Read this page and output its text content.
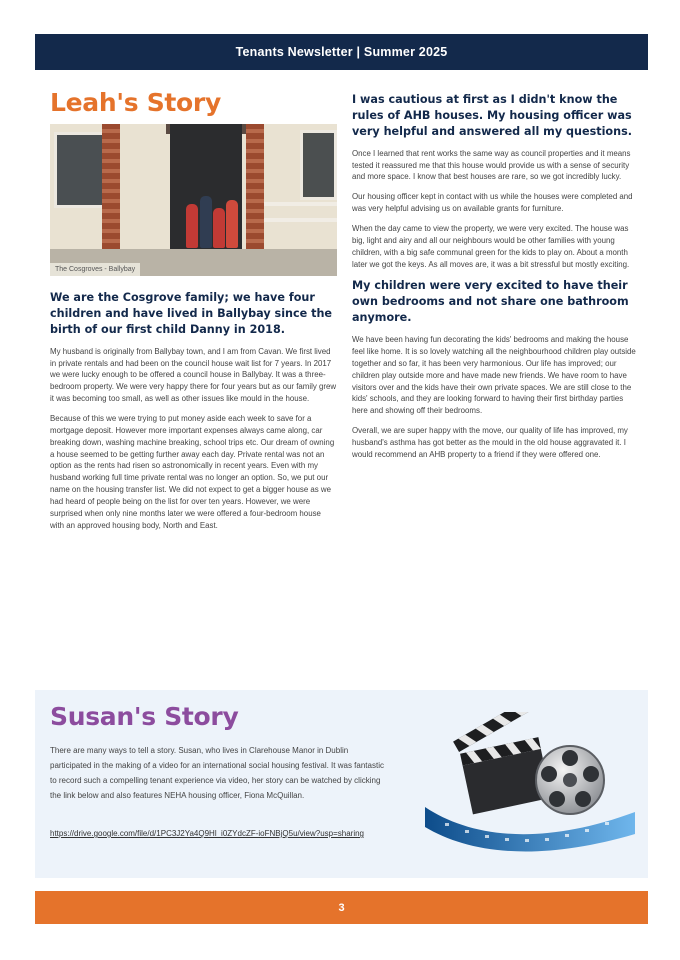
Tenants Newsletter | Summer 2025
Leah's Story
The Cosgroves - Ballybay
We are the Cosgrove family; we have four children and have lived in Ballybay since the birth of our first child Danny in 2018.

My husband is originally from Ballybay town, and I am from Cavan. We first lived in private rentals and had been on the council house wait list for 7 years. In 2017 we were lucky enough to be offered a council house in Ballybay. It was a three-bedroom property. We were very happy there for four years but as our family grew it was becoming too small, as well as other issues like mould in the house.

Because of this we were trying to put money aside each week to save for a mortgage deposit. However more important expenses always came along, car breaking down, washing machine breaking, school trips etc. Our dream of owning a house seemed to be getting further away each day. Private rental was not an option as the rents had risen so astronomically in recent years. Even with my husband working full time private rental was no longer an option. So, we put our name on the housing transfer list. We did not expect to get a bigger house as we had heard of people being on the list for over ten years. However, we were surprised when only nine months later we were offered a four-bedroom house with an approved housing body, North and East.

I was cautious at first as I didn't know the rules of AHB houses. My housing officer was very helpful and answered all my questions.

Once I learned that rent works the same way as council properties and it means tested it reassured me that this house would provide us with a sense of security and more space. I know that best houses are rare, so we got incredibly lucky.

Our housing officer kept in contact with us while the houses were completed and was very helpful advising us on available grants for furniture.

When the day came to view the property, we were very excited. The house was big, light and airy and all our neighbours would be other families with young children, with a big safe communal green for the kids to play on. About a month later we got the keys. As all moves are, it was a bit stressful but mostly exciting.

My children were very excited to have their own bedrooms and not share one bathroom anymore.

We have been having fun decorating the kids' bedrooms and making the house feel like home. It is so lovely watching all the neighbourhood children play outside together and so far, it has been very harmonious. Our life has improved; our children play outside more and have made new friends. We have room to have visitors over and the kids have their own private spaces. We are still close to the kids' schools, and they are looking forward to having their first birthday parties here and showing off their bedrooms.

Overall, we are super happy with the move, our quality of life has improved, my husband's asthma has got better as the mould in the old house aggravated it. I would recommend an AHB property to a friend if they were offered one.

Susan's Story
There are many ways to tell a story. Susan, who lives in Clarehouse Manor in Dublin participated in the making of a video for an international social housing festival. It was fantastic to record such a compelling tenant experience via video, her story can be watched by clicking the link below and also features NEHA housing officer, Fiona McQuillan.
https://drive.google.com/file/d/1PC3J2Ya4Q9Hl_i0ZYdcZF-ioFNBjQ5u/view?usp=sharing
3
